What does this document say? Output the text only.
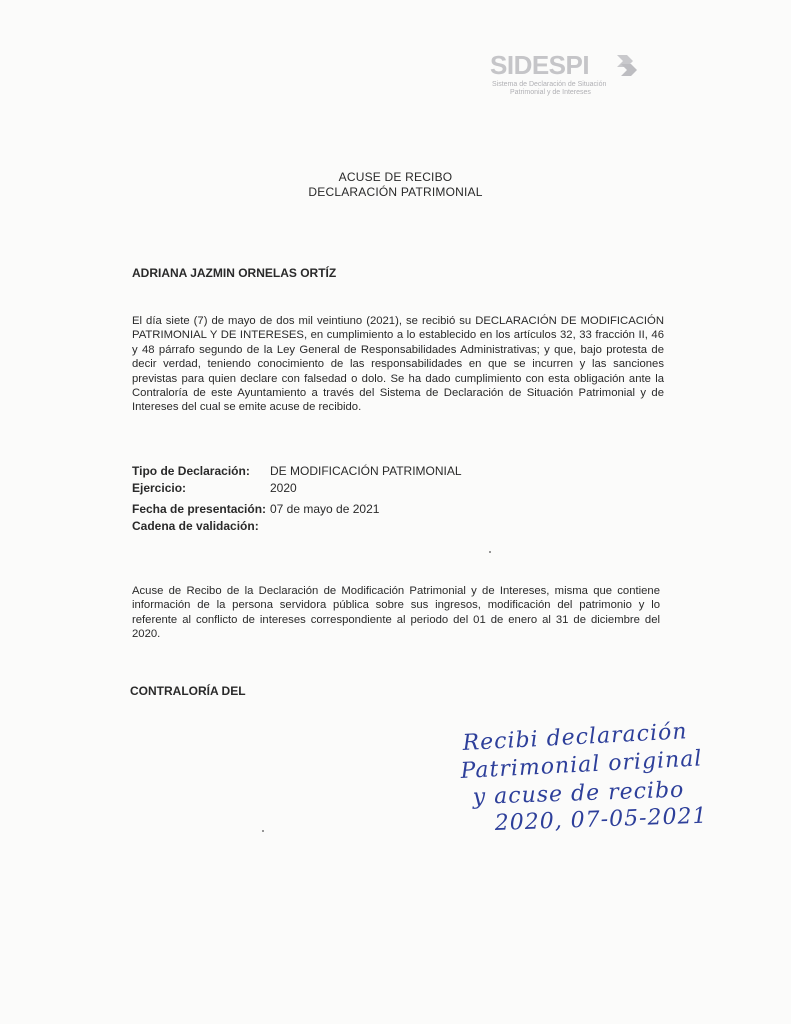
SIDESPI
Sistema de Declaración de Situación
Patrimonial y de Intereses
ACUSE DE RECIBO
DECLARACIÓN PATRIMONIAL
ADRIANA JAZMIN ORNELAS ORTÍZ
El día siete (7) de mayo de dos mil veintiuno (2021), se recibió su DECLARACIÓN DE MODIFICACIÓN PATRIMONIAL Y DE INTERESES, en cumplimiento a lo establecido en los artículos 32, 33 fracción II, 46 y 48 párrafo segundo de la Ley General de Responsabilidades Administrativas; y que, bajo protesta de decir verdad, teniendo conocimiento de las responsabilidades en que se incurren y las sanciones previstas para quien declare con falsedad o dolo. Se ha dado cumplimiento con esta obligación ante la Contraloría de este Ayuntamiento a través del Sistema de Declaración de Situación Patrimonial y de Intereses del cual se emite acuse de recibido.
Tipo de Declaración: DE MODIFICACIÓN PATRIMONIAL
Ejercicio:	2020
Fecha de presentación: 07 de mayo de 2021
Cadena de validación:
Acuse de Recibo de la Declaración de Modificación Patrimonial y de Intereses, misma que contiene información de la persona servidora pública sobre sus ingresos, modificación del patrimonio y lo referente al conflicto de intereses correspondiente al periodo del 01 de enero al 31 de diciembre del 2020.
CONTRALORÍA DEL
Recibi declaración
Patrimonial original
y acuse de recibo
2020, 07-05-2021
